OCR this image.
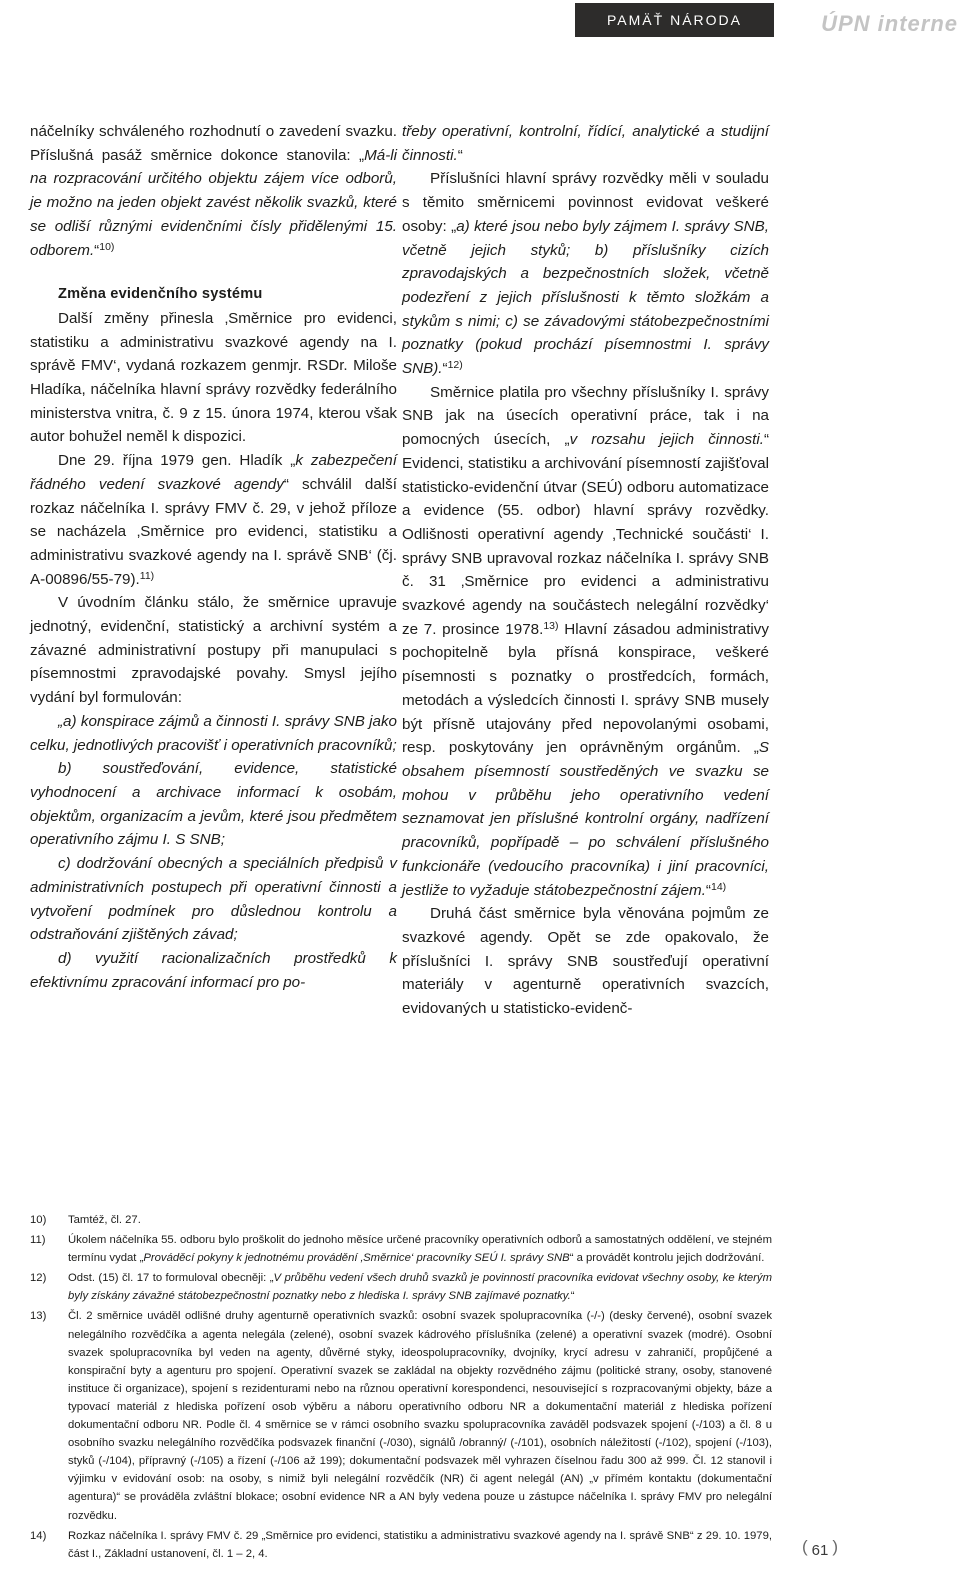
PAMÄŤ NÁRODA	ÚPN interne

náčelníky schváleného rozhodnutí o zavedení svazku. Příslušná pasáž směrnice dokonce stanovila: „Má-li na rozpracování určitého objektu zájem více odborů, je možno na jeden objekt zavést několik svazků, které se odliší různými evidenčními čísly přidělenými 15. odborem.“$^{10)}$

Změna evidenčního systému

Další změny přinesla ‚Směrnice pro evidenci, statistiku a administrativu svazkové agendy na I. správě FMV‘, vydaná rozkazem genmjr. RSDr. Miloše Hladíka, náčelníka hlavní správy rozvědky federálního ministerstva vnitra, č. 9 z 15. února 1974, kterou však autor bohužel neměl k dispozici.

Dne 29. října 1979 gen. Hladík „k zabezpečení řádného vedení svazkové agendy“ schválil další rozkaz náčelníka I. správy FMV č. 29, v jehož příloze se nacházela ‚Směrnice pro evidenci, statistiku a administrativu svazkové agendy na I. správě SNB‘ (čj. A-00896/55-79).$^{11)}$

V úvodním článku stálo, že směrnice upravuje jednotný, evidenční, statistický a archivní systém a závazné administrativní postupy při manupulaci s písemnostmi zpravodajské povahy. Smysl jejího vydání byl formulován:

„a) konspirace zájmů a činnosti I. správy SNB jako celku, jednotlivých pracovišť i operativních pracovníků;

b) soustřeďování, evidence, statistické vyhodnocení a archivace informací k osobám, objektům, organizacím a jevům, které jsou předmětem operativního zájmu I. S SNB;

c) dodržování obecných a speciálních předpisů v administrativních postupech při operativní činnosti a vytvoření podmínek pro důslednou kontrolu a odstraňování zjištěných závad;

d) využití racionalizačních prostředků k efektivnímu zpracování informací pro po-

třeby operativní, kontrolní, řídící, analytické a studijní činnosti.“

Příslušníci hlavní správy rozvědky měli v souladu s těmito směrnicemi povinnost evidovat veškeré osoby: „a) které jsou nebo byly zájmem I. správy SNB, včetně jejich styků; b) příslušníky cizích zpravodajských a bezpečnostních složek, včetně podezření z jejich příslušnosti k těmto složkám a stykům s nimi; c) se závadovými státobezpečnostními poznatky (pokud prochází písemnostmi I. správy SNB).“$^{12)}$

Směrnice platila pro všechny příslušníky I. správy SNB jak na úsecích operativní práce, tak i na pomocných úsecích, „v rozsahu jejich činnosti.“ Evidenci, statistiku a archivování písemností zajišťoval statisticko-evidenční útvar (SEÚ) odboru automatizace a evidence (55. odbor) hlavní správy rozvědky. Odlišnosti operativní agendy ‚Technické součásti‘ I. správy SNB upravoval rozkaz náčelníka I. správy SNB č. 31 ‚Směrnice pro evidenci a administrativu svazkové agendy na součástech nelegální rozvědky‘ ze 7. prosince 1978.$^{13)}$ Hlavní zásadou administrativy pochopitelně byla přísná konspirace, veškeré písemnosti s poznatky o prostředcích, formách, metodách a výsledcích činnosti I. správy SNB musely být přísně utajovány před nepovolanými osobami, resp. poskytovány jen oprávněným orgánům. „S obsahem písemností soustředěných ve svazku se mohou v průběhu jeho operativního vedení seznamovat jen příslušné kontrolní orgány, nadřízení pracovníků, popřípadě – po schválení příslušného funkcionáře (vedoucího pracovníka) i jiní pracovníci, jestliže to vyžaduje státobezpečnostní zájem.“$^{14)}$

Druhá část směrnice byla věnována pojmům ze svazkové agendy. Opět se zde opakovalo, že příslušníci I. správy SNB soustřeďují operativní materiály v agenturně operativních svazcích, evidovaných u statisticko-evidenč-

10)	Tamtéž, čl. 27.
11)	Úkolem náčelníka 55. odboru bylo proškolit do jednoho měsíce určené pracovníky operativních odborů a samostatných oddělení, ve stejném termínu vydat „Prováděcí pokyny k jednotnému provádění ‚Směrnice‘ pracovníky SEÚ I. správy SNB“ a provádět kontrolu jejich dodržování.
12)	Odst. (15) čl. 17 to formuloval obecněji: „V průběhu vedení všech druhů svazků je povinností pracovníka evidovat všechny osoby, ke kterým byly získány závažné státobezpečnostní poznatky nebo z hlediska I. správy SNB zajímavé poznatky.“
13)	Čl. 2 směrnice uváděl odlišné druhy agenturně operativních svazků: osobní svazek spolupracovníka (-/-) (desky červené), osobní svazek nelegálního rozvědčíka a agenta nelegála (zelené), osobní svazek kádrového příslušníka (zelené) a operativní svazek (modré). Osobní svazek spolupracovníka byl veden na agenty, důvěrné styky, ideospolupracovníky, dvojníky, krycí adresu v zahraničí, propůjčené a konspirační byty a agenturu pro spojení. Operativní svazek se zakládal na objekty rozvědného zájmu (politické strany, osoby, stanovené instituce či organizace), spojení s rezidenturami nebo na různou operativní korespondenci, nesouvisející s rozpracovanými objekty, báze a typovací materiál z hlediska pořízení osob výběru a náboru operativního odboru NR a dokumentační materiál z hlediska pořízení dokumentační odboru NR. Podle čl. 4 směrnice se v rámci osobního svazku spolupracovníka zaváděl podsvazek spojení (-/103) a čl. 8 u osobního svazku nelegálního rozvědčíka podsvazek finanční (-/030), signálů /obranný/ (-/101), osobních náležitostí (-/102), spojení (-/103), styků (-/104), přípravný (-/105) a řízení (-/106 až 199); dokumentační podsvazek měl vyhrazen číselnou řadu 300 až 999. Čl. 12 stanovil i výjimku v evidování osob: na osoby, s nimiž byli nelegální rozvědčík (NR) či agent nelegál (AN) „v přímém kontaktu (dokumentační agentura)“ se prováděla zvláštní blokace; osobní evidence NR a AN byly vedena pouze u zástupce náčelníka I. správy FMV pro nelegální rozvědku.
14)	Rozkaz náčelníka I. správy FMV č. 29 „Směrnice pro evidenci, statistiku a administrativu svazkové agendy na I. správě SNB“ z 29. 10. 1979, část I., Základní ustanovení, čl. 1 – 2, 4.	( 61 )
